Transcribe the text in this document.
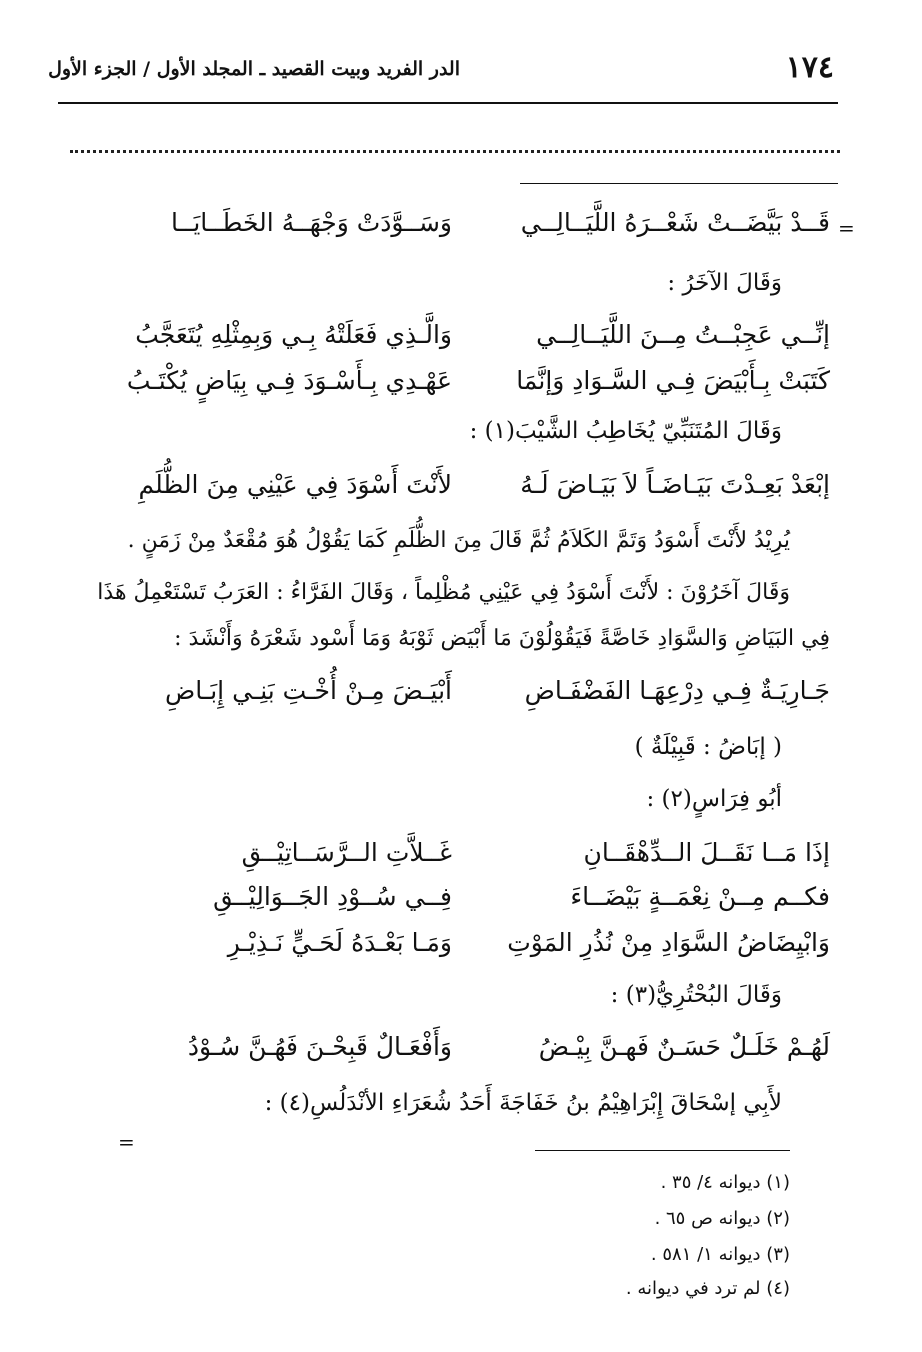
الدر الفريد وبيت القصيد ـ المجلد الأول / الجزء الأول	١٧٤
=
قَــدْ بَيَّضَــتْ شَعْــرَهُ اللَّيَــالِــي
وَسَــوَّدَتْ وَجْهَــهُ الخَطَــايَــا
وَقَالَ الآخَرُ :
إنِّــي عَجِبْــتُ مِــنَ اللَّيَــالِــي
وَالَّـذِي فَعَلَتْهُ بِـي وَبِمِثْلِهِ يُتَعَجَّبُ
كَتَبَتْ بِـأَبْيَضَ فِـي السَّـوَادِ وَإنَّمَا
عَهْـدِي بِـأَسْـوَدَ فِـي بِيَاضٍ يُكْتَـبُ
وَقَالَ المُتَنَبِّيّ يُخَاطِبُ الشَّيْبَ(١) :
إبْعَدْ بَعِـدْتَ بَيَـاضَـاً لاَ بَيَـاضَ لَـهُ
لأَنْتَ أَسْوَدَ فِي عَيْنِي مِنَ الظُّلَمِ
يُرِيْدُ لأَنْتَ أَسْوَدُ وَتَمَّ الكَلاَمُ ثُمَّ قَالَ مِنَ الظُّلَمِ كَمَا يَقُوْلُ هُوَ مُقْعَدٌ مِنْ زَمَنٍ .
وَقَالَ آخَرُوْنَ : لأَنْتَ أَسْوَدُ فِي عَيْنِي مُظْلِماً ، وَقَالَ الفَرَّاءُ : العَرَبُ تَسْتَعْمِلُ هَذَا
فِي البَيَاضِ وَالسَّوَادِ خَاصَّةً فَيَقُوْلُوْنَ مَا أَبْيَض ثَوْبَهُ وَمَا أَسْود شَعْرَهُ وَأَنْشَدَ :
جَـارِيَـةٌ فِـي دِرْعِهَـا الفَضْفَـاضِ
أَبْيَـضَ مِـنْ أُخْـتِ بَنِـي إِبَـاضِ
( إبَاضُ : قَبِيْلَةٌ )
أبُو فِرَاسٍ(٢) :
إذَا مَــا نَقَــلَ الــدِّهْقَــانِ
غَــلاَّتِ الــرَّسَــاتِيْــقِ
فكــم مِــنْ نِعْمَــةٍ بَيْضَــاءَ
فِــي سُــوْدِ الجَــوَالِيْــقِ
وَابْيِضَاضُ السَّوَادِ مِنْ نُذُرِ المَوْتِ
وَمَـا بَعْـدَهُ لَحَـيٍّ نَـذِيْـرِ
وَقَالَ البُحْتُرِيُّ(٣) :
لَهُـمْ خَلَـلٌ حَسَـنٌ فَهـنَّ بِيْـضُ
وَأَفْعَـالٌ قَبِحْـنَ فَهُـنَّ سُـوْدُ
لأَبِي إسْحَاقَ إِبْرَاهِيْمُ بنُ خَفَاجَةَ أَحَدُ شُعَرَاءِ الأنْدَلُسِ(٤) :
=
(١) ديوانه ٤/ ٣٥ .
(٢) ديوانه ص ٦٥ .
(٣) ديوانه ١/ ٥٨١ .
(٤) لم ترد في ديوانه .
